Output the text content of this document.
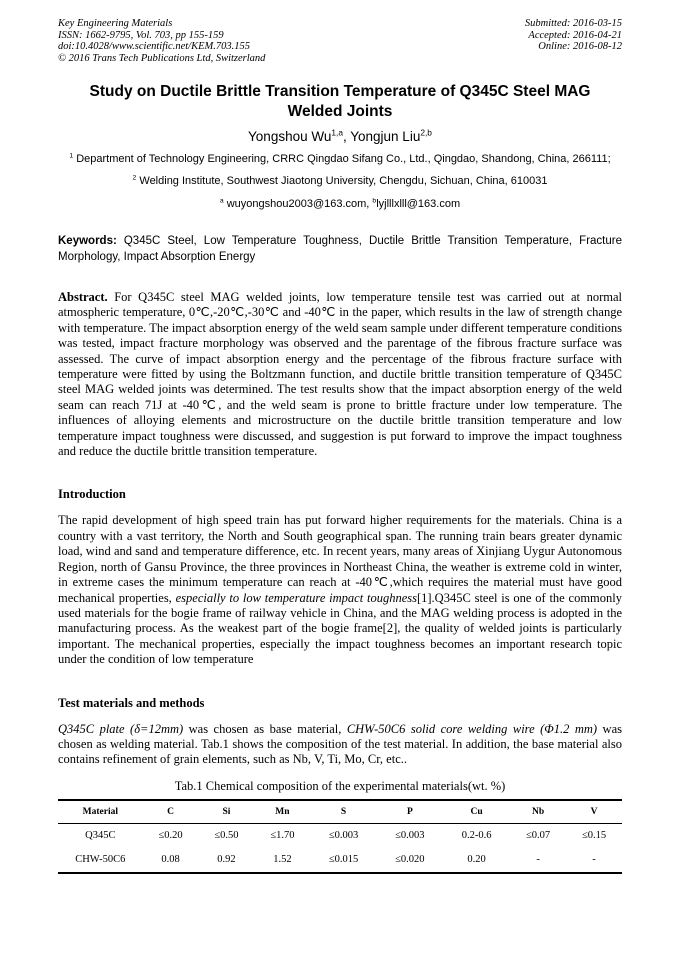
Key Engineering Materials
ISSN: 1662-9795, Vol. 703, pp 155-159
doi:10.4028/www.scientific.net/KEM.703.155
© 2016 Trans Tech Publications Ltd, Switzerland
Submitted: 2016-03-15
Accepted: 2016-04-21
Online: 2016-08-12
Study on Ductile Brittle Transition Temperature of Q345C Steel MAG
Welded Joints
Yongshou Wu$^{1,a}$, Yongjun Liu$^{2,b}$
$^1$ Department of Technology Engineering, CRRC Qingdao Sifang Co., Ltd., Qingdao, Shandong, China, 266111;
$^2$ Welding Institute, Southwest Jiaotong University, Chengdu, Sichuan, China, 610031
$^a$ wuyongshou2003@163.com, $^b$lyjlllxlll@163.com
Keywords: Q345C Steel, Low Temperature Toughness, Ductile Brittle Transition Temperature, Fracture Morphology, Impact Absorption Energy
Abstract. For Q345C steel MAG welded joints, low temperature tensile test was carried out at normal atmospheric temperature, 0℃,-20℃,-30℃ and -40℃ in the paper, which results in the law of strength change with temperature. The impact absorption energy of the weld seam sample under different temperature conditions was tested, impact fracture morphology was observed and the parentage of the fibrous fracture surface was assessed. The curve of impact absorption energy and the percentage of the fibrous fracture surface with temperature were fitted by using the Boltzmann function, and ductile brittle transition temperature of Q345C steel MAG welded joints was determined. The test results show that the impact absorption energy of the weld seam can reach 71J at -40℃, and the weld seam is prone to brittle fracture under low temperature. The influences of alloying elements and microstructure on the ductile brittle transition temperature and low temperature impact toughness were discussed, and suggestion is put forward to improve the impact toughness and reduce the ductile brittle transition temperature.
Introduction
The rapid development of high speed train has put forward higher requirements for the materials. China is a country with a vast territory, the North and South geographical span. The running train bears greater dynamic load, wind and sand and temperature difference, etc. In recent years, many areas of Xinjiang Uygur Autonomous Region, north of Gansu Province, the three provinces in Northeast China, the weather is extreme cold in winter, in extreme cases the minimum temperature can reach at -40℃,which requires the material must have good mechanical properties, especially to low temperature impact toughness[1].Q345C steel is one of the commonly used materials for the bogie frame of railway vehicle in China, and the MAG welding process is adopted in the manufacturing process. As the weakest part of the bogie frame[2], the quality of welded joints is particularly important. The mechanical properties, especially the impact toughness becomes an important research topic under the condition of low temperature
Test materials and methods
Q345C plate (δ=12mm) was chosen as base material, CHW-50C6 solid core welding wire (Φ1.2 mm) was chosen as welding material. Tab.1 shows the composition of the test material. In addition, the base material also contains refinement of grain elements, such as Nb, V, Ti, Mo, Cr, etc..
Tab.1 Chemical composition of the experimental materials(wt. %)
Material	C	Si	Mn	S	P	Cu	Nb	V
Q345C	≤0.20	≤0.50	≤1.70	≤0.003	≤0.003	0.2-0.6	≤0.07	≤0.15
CHW-50C6	0.08	0.92	1.52	≤0.015	≤0.020	0.20	-	-
